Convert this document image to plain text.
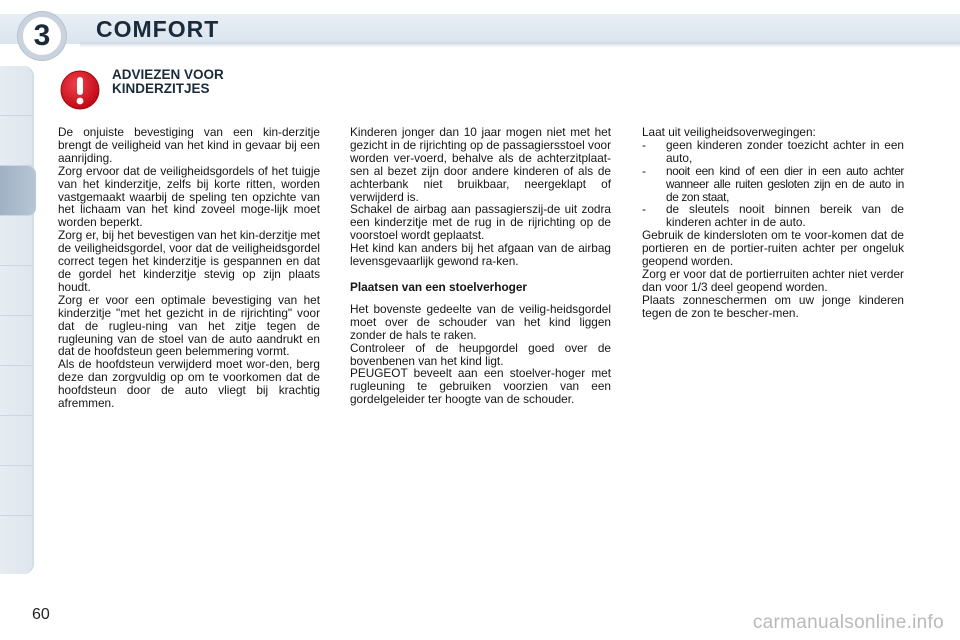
3 COMFORT
ADVIEZEN VOOR
KINDERZITJES

De onjuiste bevestiging van een kin-derzitje brengt de veiligheid van het kind in gevaar bij een aanrijding.

Zorg ervoor dat de veiligheidsgordels of het tuigje van het kinderzitje, zelfs bij korte ritten, worden vastgemaakt waarbij de speling ten opzichte van het lichaam van het kind zoveel moge-lijk moet worden beperkt.

Zorg er, bij het bevestigen van het kin-derzitje met de veiligheidsgordel, voor dat de veiligheidsgordel correct tegen het kinderzitje is gespannen en dat de gordel het kinderzitje stevig op zijn plaats houdt.

Zorg er voor een optimale bevestiging van het kinderzitje "met het gezicht in de rijrichting" voor dat de rugleu-ning van het zitje tegen de rugleuning van de stoel van de auto aandrukt en dat de hoofdsteun geen belemmering vormt.

Als de hoofdsteun verwijderd moet wor-den, berg deze dan zorgvuldig op om te voorkomen dat de hoofdsteun door de auto vliegt bij krachtig afremmen.

Kinderen jonger dan 10 jaar mogen niet met het gezicht in de rijrichting op de passagiersstoel voor worden ver-voerd, behalve als de achterzitplaat-sen al bezet zijn door andere kinderen of als de achterbank niet bruikbaar, neergeklapt of verwijderd is.

Schakel de airbag aan passagierszij-de uit zodra een kinderzitje met de rug in de rijrichting op de voorstoel wordt geplaatst.

Het kind kan anders bij het afgaan van de airbag levensgevaarlijk gewond ra-ken.

Plaatsen van een stoelverhoger

Het bovenste gedeelte van de veilig-heidsgordel moet over de schouder van het kind liggen zonder de hals te raken.

Controleer of de heupgordel goed over de bovenbenen van het kind ligt.

PEUGEOT beveelt aan een stoelver-hoger met rugleuning te gebruiken voorzien van een gordelgeleider ter hoogte van de schouder.

Laat uit veiligheidsoverwegingen:

-	geen kinderen zonder toezicht achter in een auto,
-	nooit een kind of een dier in een auto achter wanneer alle ruiten gesloten zijn en de auto in de zon staat,
-	de sleutels nooit binnen bereik van de kinderen achter in de auto.

Gebruik de kindersloten om te voor-komen dat de portieren en de portier-ruiten achter per ongeluk geopend worden.

Zorg er voor dat de portierruiten achter niet verder dan voor 1/3 deel geopend worden.

Plaats zonneschermen om uw jonge kinderen tegen de zon te bescher-men.

60	carmanualsonline.info
